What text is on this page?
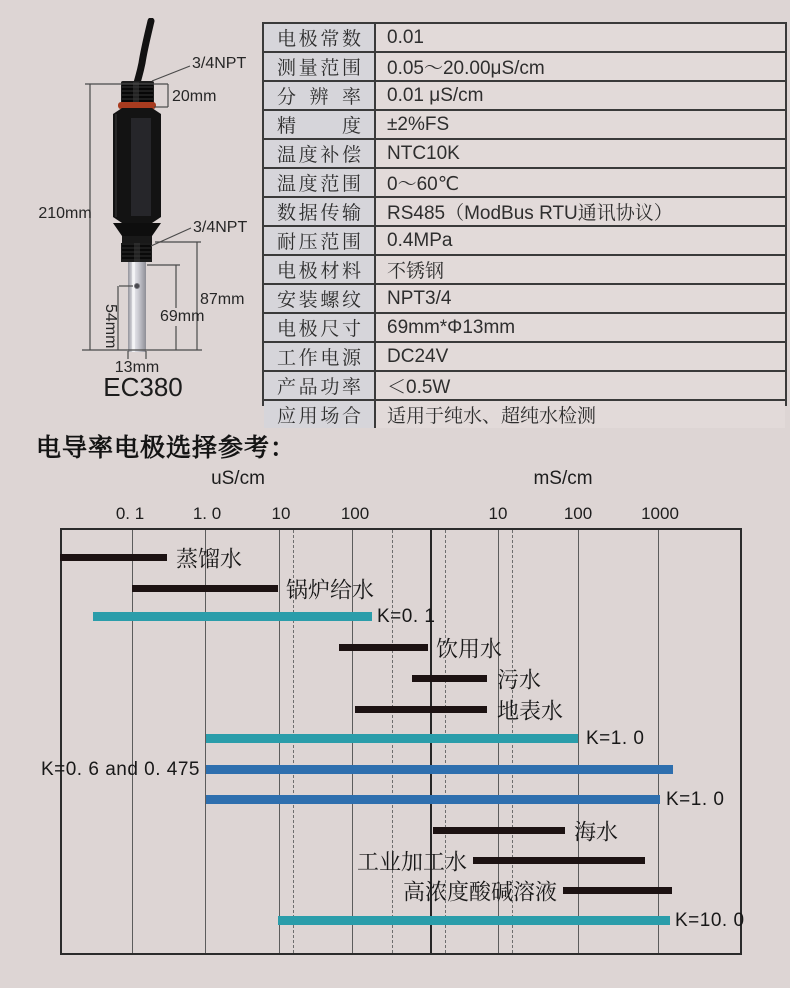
3/4NPT
20mm
210mm
3/4NPT
87mm
69mm
54mm
13mm
EC380
电极常数	0.01
测量范围	0.05～20.00μS/cm
分 辨 率	0.01 μS/cm
精　度	±2%FS
温度补偿	NTC10K
温度范围	0～60℃
数据传输	RS485（ModBus RTU通讯协议）
耐压范围	0.4MPa
电极材料	不锈钢
安装螺纹	NPT3/4
电极尺寸	69mm*Φ13mm
工作电源	DC24V
产品功率	＜0.5W
应用场合	适用于纯水、超纯水检测
电导率电极选择参考：
蒸馏水
锅炉给水
K=0. 1
饮用水
污水
地表水
K=1. 0
K=0. 6 and 0. 475
K=1. 0
海水
工业加工水
高浓度酸碱溶液
K=10. 0
uS/cm	mS/cm
0. 1	1. 0	10	100	10	100	1000
